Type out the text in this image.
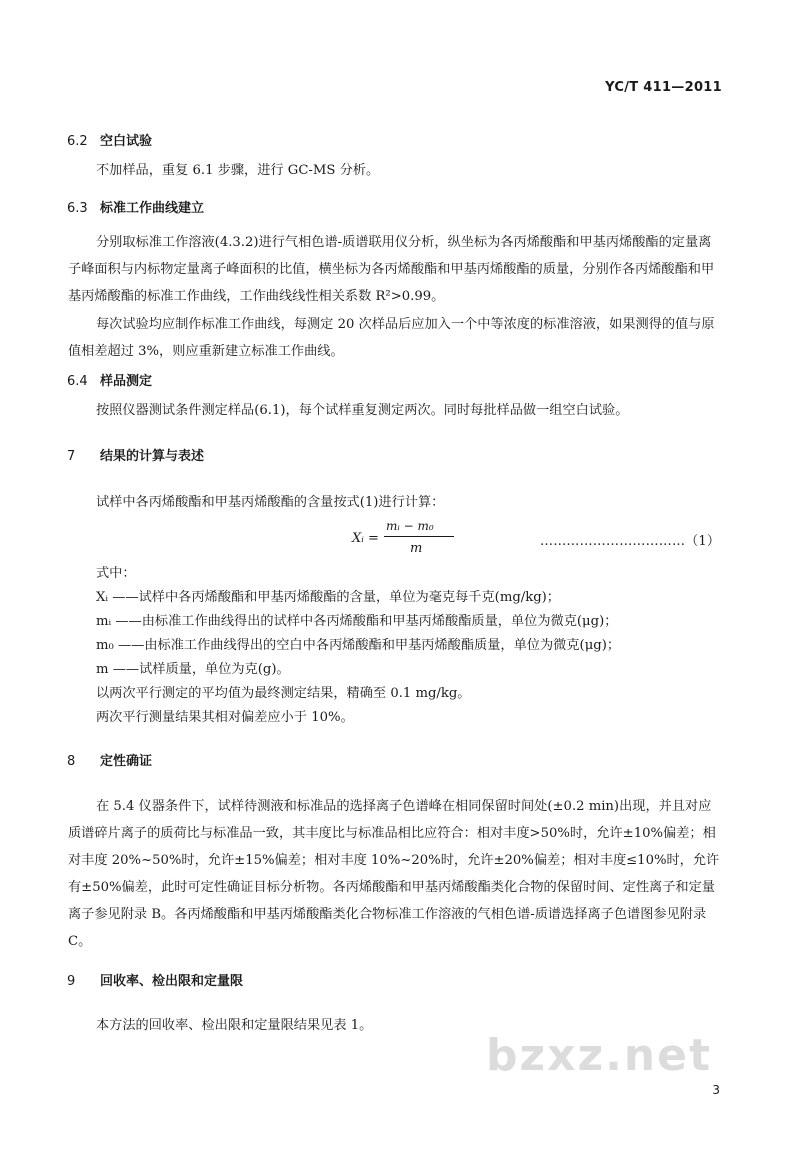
YC/T 411—2011
6.2 空白试验
不加样品，重复 6.1 步骤，进行 GC-MS 分析。
6.3 标准工作曲线建立
分别取标准工作溶液(4.3.2)进行气相色谱-质谱联用仪分析，纵坐标为各丙烯酸酯和甲基丙烯酸酯的定量离子峰面积与内标物定量离子峰面积的比值，横坐标为各丙烯酸酯和甲基丙烯酸酯的质量，分别作各丙烯酸酯和甲基丙烯酸酯的标准工作曲线，工作曲线线性相关系数 R²>0.99。
每次试验均应制作标准工作曲线，每测定 20 次样品后应加入一个中等浓度的标准溶液，如果测得的值与原值相差超过 3%，则应重新建立标准工作曲线。
6.4 样品测定
按照仪器测试条件测定样品(6.1)，每个试样重复测定两次。同时每批样品做一组空白试验。
7 结果的计算与表述
试样中各丙烯酸酯和甲基丙烯酸酯的含量按式(1)进行计算：
Xᵢ =
mᵢ − m₀
m	……………………………（1）
式中：
Xᵢ ——试样中各丙烯酸酯和甲基丙烯酸酯的含量，单位为毫克每千克(mg/kg)；
mᵢ ——由标准工作曲线得出的试样中各丙烯酸酯和甲基丙烯酸酯质量，单位为微克(μg)；
m₀ ——由标准工作曲线得出的空白中各丙烯酸酯和甲基丙烯酸酯质量，单位为微克(μg)；
m ——试样质量，单位为克(g)。
以两次平行测定的平均值为最终测定结果，精确至 0.1 mg/kg。
两次平行测量结果其相对偏差应小于 10%。
8 定性确证
在 5.4 仪器条件下，试样待测液和标准品的选择离子色谱峰在相同保留时间处(±0.2 min)出现，并且对应质谱碎片离子的质荷比与标准品一致，其丰度比与标准品相比应符合：相对丰度>50%时，允许±10%偏差；相对丰度 20%~50%时，允许±15%偏差；相对丰度 10%~20%时，允许±20%偏差；相对丰度≤10%时，允许有±50%偏差，此时可定性确证目标分析物。各丙烯酸酯和甲基丙烯酸酯类化合物的保留时间、定性离子和定量离子参见附录 B。各丙烯酸酯和甲基丙烯酸酯类化合物标准工作溶液的气相色谱-质谱选择离子色谱图参见附录 C。
9 回收率、检出限和定量限
本方法的回收率、检出限和定量限结果见表 1。
bzxz.net
3
